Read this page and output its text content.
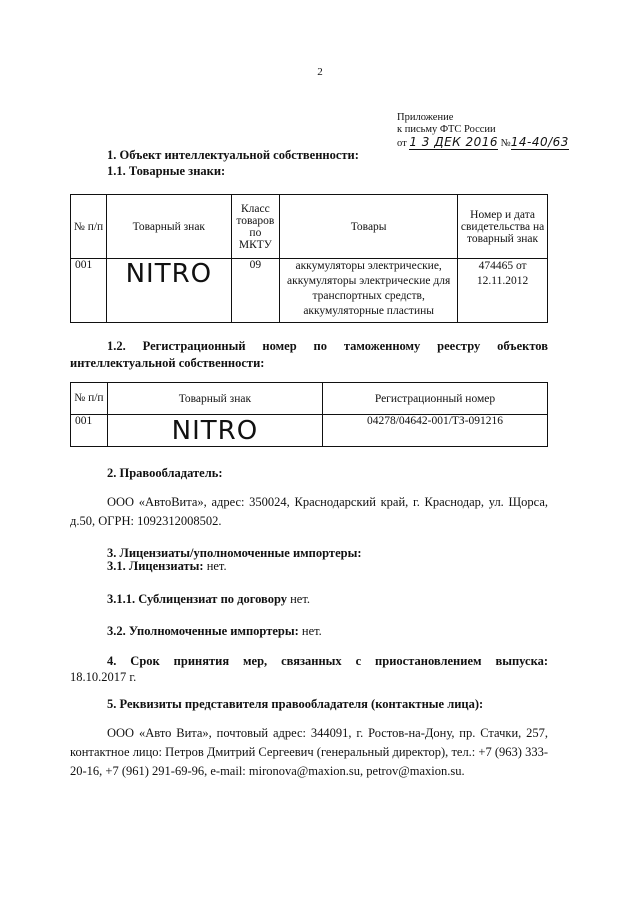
2
Приложение
к письму ФТС России
от 1 3 ДЕК 2016 №14-40/63
1. Объект интеллектуальной собственности:
1.1. Товарные знаки:
№ п/п	Товарный знак	Класс товаров по МКТУ	Товары	Номер и дата свидетельства на товарный знак
001	NITRO	09	аккумуляторы электрические, аккумуляторы электрические для транспортных средств, аккумуляторные пластины	474465 от 12.11.2012
1.2. Регистрационный номер по таможенному реестру объектов интеллектуальной собственности:
№ п/п	Товарный знак	Регистрационный номер
001	NITRO	04278/04642-001/ТЗ-091216
2. Правообладатель:
ООО «АвтоВита», адрес: 350024, Краснодарский край, г. Краснодар, ул. Щорса, д.50, ОГРН: 1092312008502.
3. Лицензиаты/уполномоченные импортеры:
3.1. Лицензиаты: нет.
3.1.1. Сублицензиат по договору нет.
3.2. Уполномоченные импортеры: нет.
4. Срок принятия мер, связанных с приостановлением выпуска:
18.10.2017 г.
5. Реквизиты представителя правообладателя (контактные лица):
ООО «Авто Вита», почтовый адрес: 344091, г. Ростов-на-Дону, пр. Стачки, 257, контактное лицо: Петров Дмитрий Сергеевич (генеральный директор), тел.: +7 (963) 333-20-16, +7 (961) 291-69-96, e-mail: mironova@maxion.su, petrov@maxion.su.
